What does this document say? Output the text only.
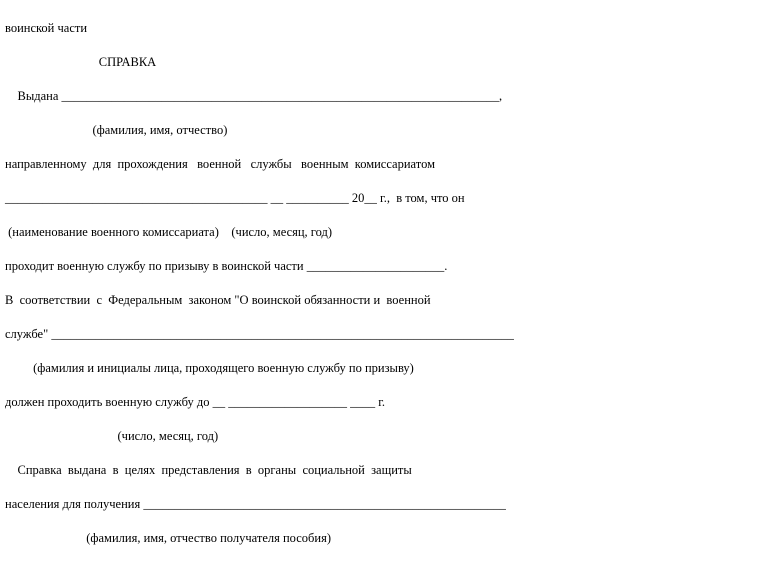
воинской части
СПРАВКА
Выдана ______________________________________________________________________,
(фамилия, имя, отчество)
направленному  для  прохождения   военной   службы   военным  комиссариатом
__________________________________________ __ __________ 20__ г.,  в том, что он
(наименование военного комиссариата)    (число, месяц, год)
проходит военную службу по призыву в воинской части ______________________.
В  соответствии  с  Федеральным  законом "О воинской обязанности и  военной
службе" __________________________________________________________________________
(фамилия и инициалы лица, проходящего военную службу по призыву)
должен проходить военную службу до __ ___________________ ____ г.
(число, месяц, год)
Справка  выдана  в  целях  представления  в  органы  социальной  защиты
населения для получения __________________________________________________________
(фамилия, имя, отчество получателя пособия)
